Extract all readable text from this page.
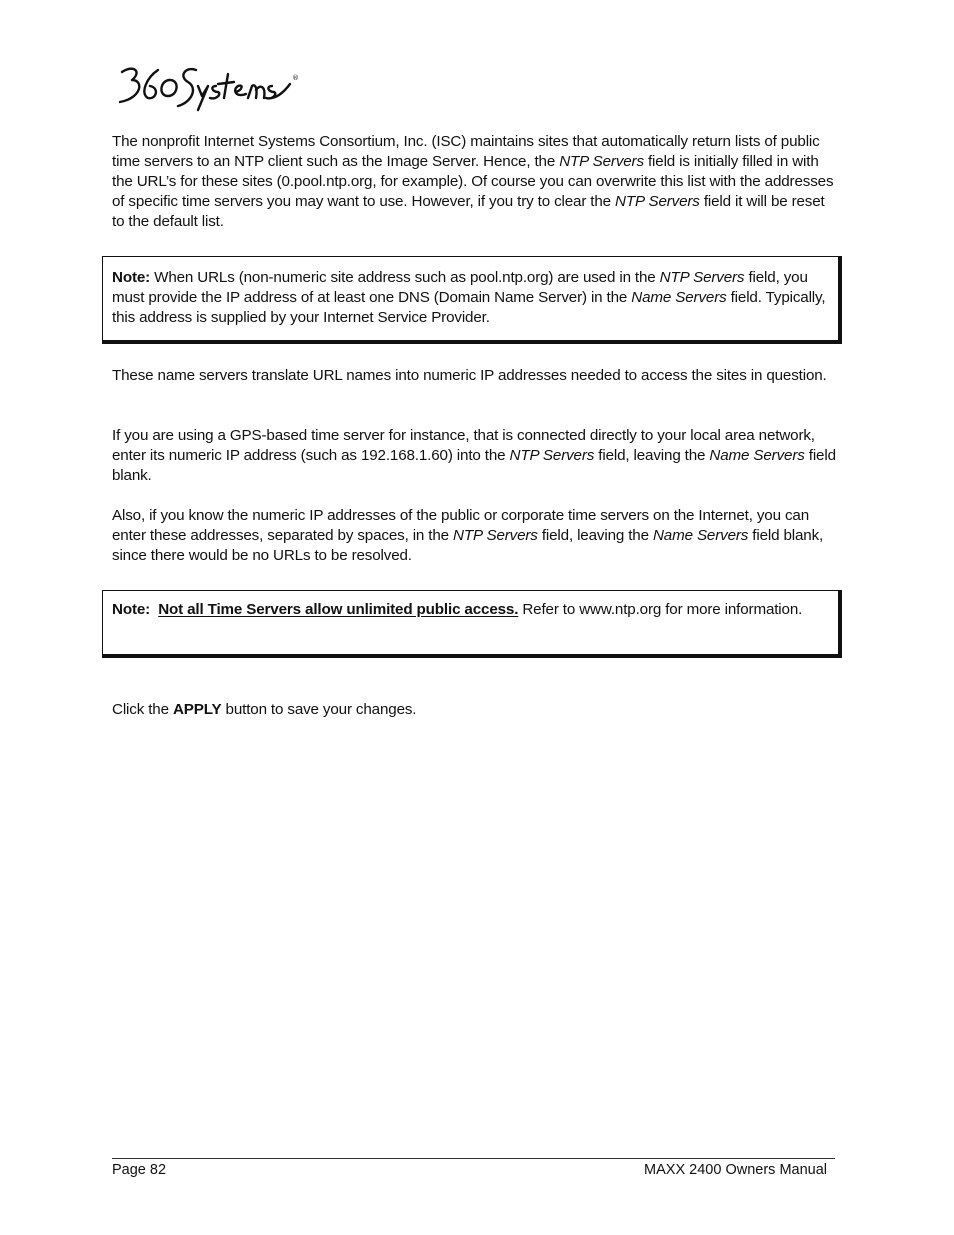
®

The nonprofit Internet Systems Consortium, Inc. (ISC) maintains sites that automatically return lists of public time servers to an NTP client such as the Image Server. Hence, the NTP Servers field is initially filled in with the URL’s for these sites (0.pool.ntp.org, for example). Of course you can overwrite this list with the addresses of specific time servers you may want to use. However, if you try to clear the NTP Servers field it will be reset to the default list.

Note: When URLs (non-numeric site address such as pool.ntp.org) are used in the NTP Servers field, you must provide the IP address of at least one DNS (Domain Name Server) in the Name Servers field. Typically, this address is supplied by your Internet Service Provider.

These name servers translate URL names into numeric IP addresses needed to access the sites in question.

If you are using a GPS-based time server for instance, that is connected directly to your local area network, enter its numeric IP address (such as 192.168.1.60) into the NTP Servers field, leaving the Name Servers field blank.

Also, if you know the numeric IP addresses of the public or corporate time servers on the Internet, you can enter these addresses, separated by spaces, in the NTP Servers field, leaving the Name Servers field blank, since there would be no URLs to be resolved.

Note: Not all Time Servers allow unlimited public access. Refer to www.ntp.org for more information.

Click the APPLY button to save your changes.

Page 82	MAXX 2400 Owners Manual
